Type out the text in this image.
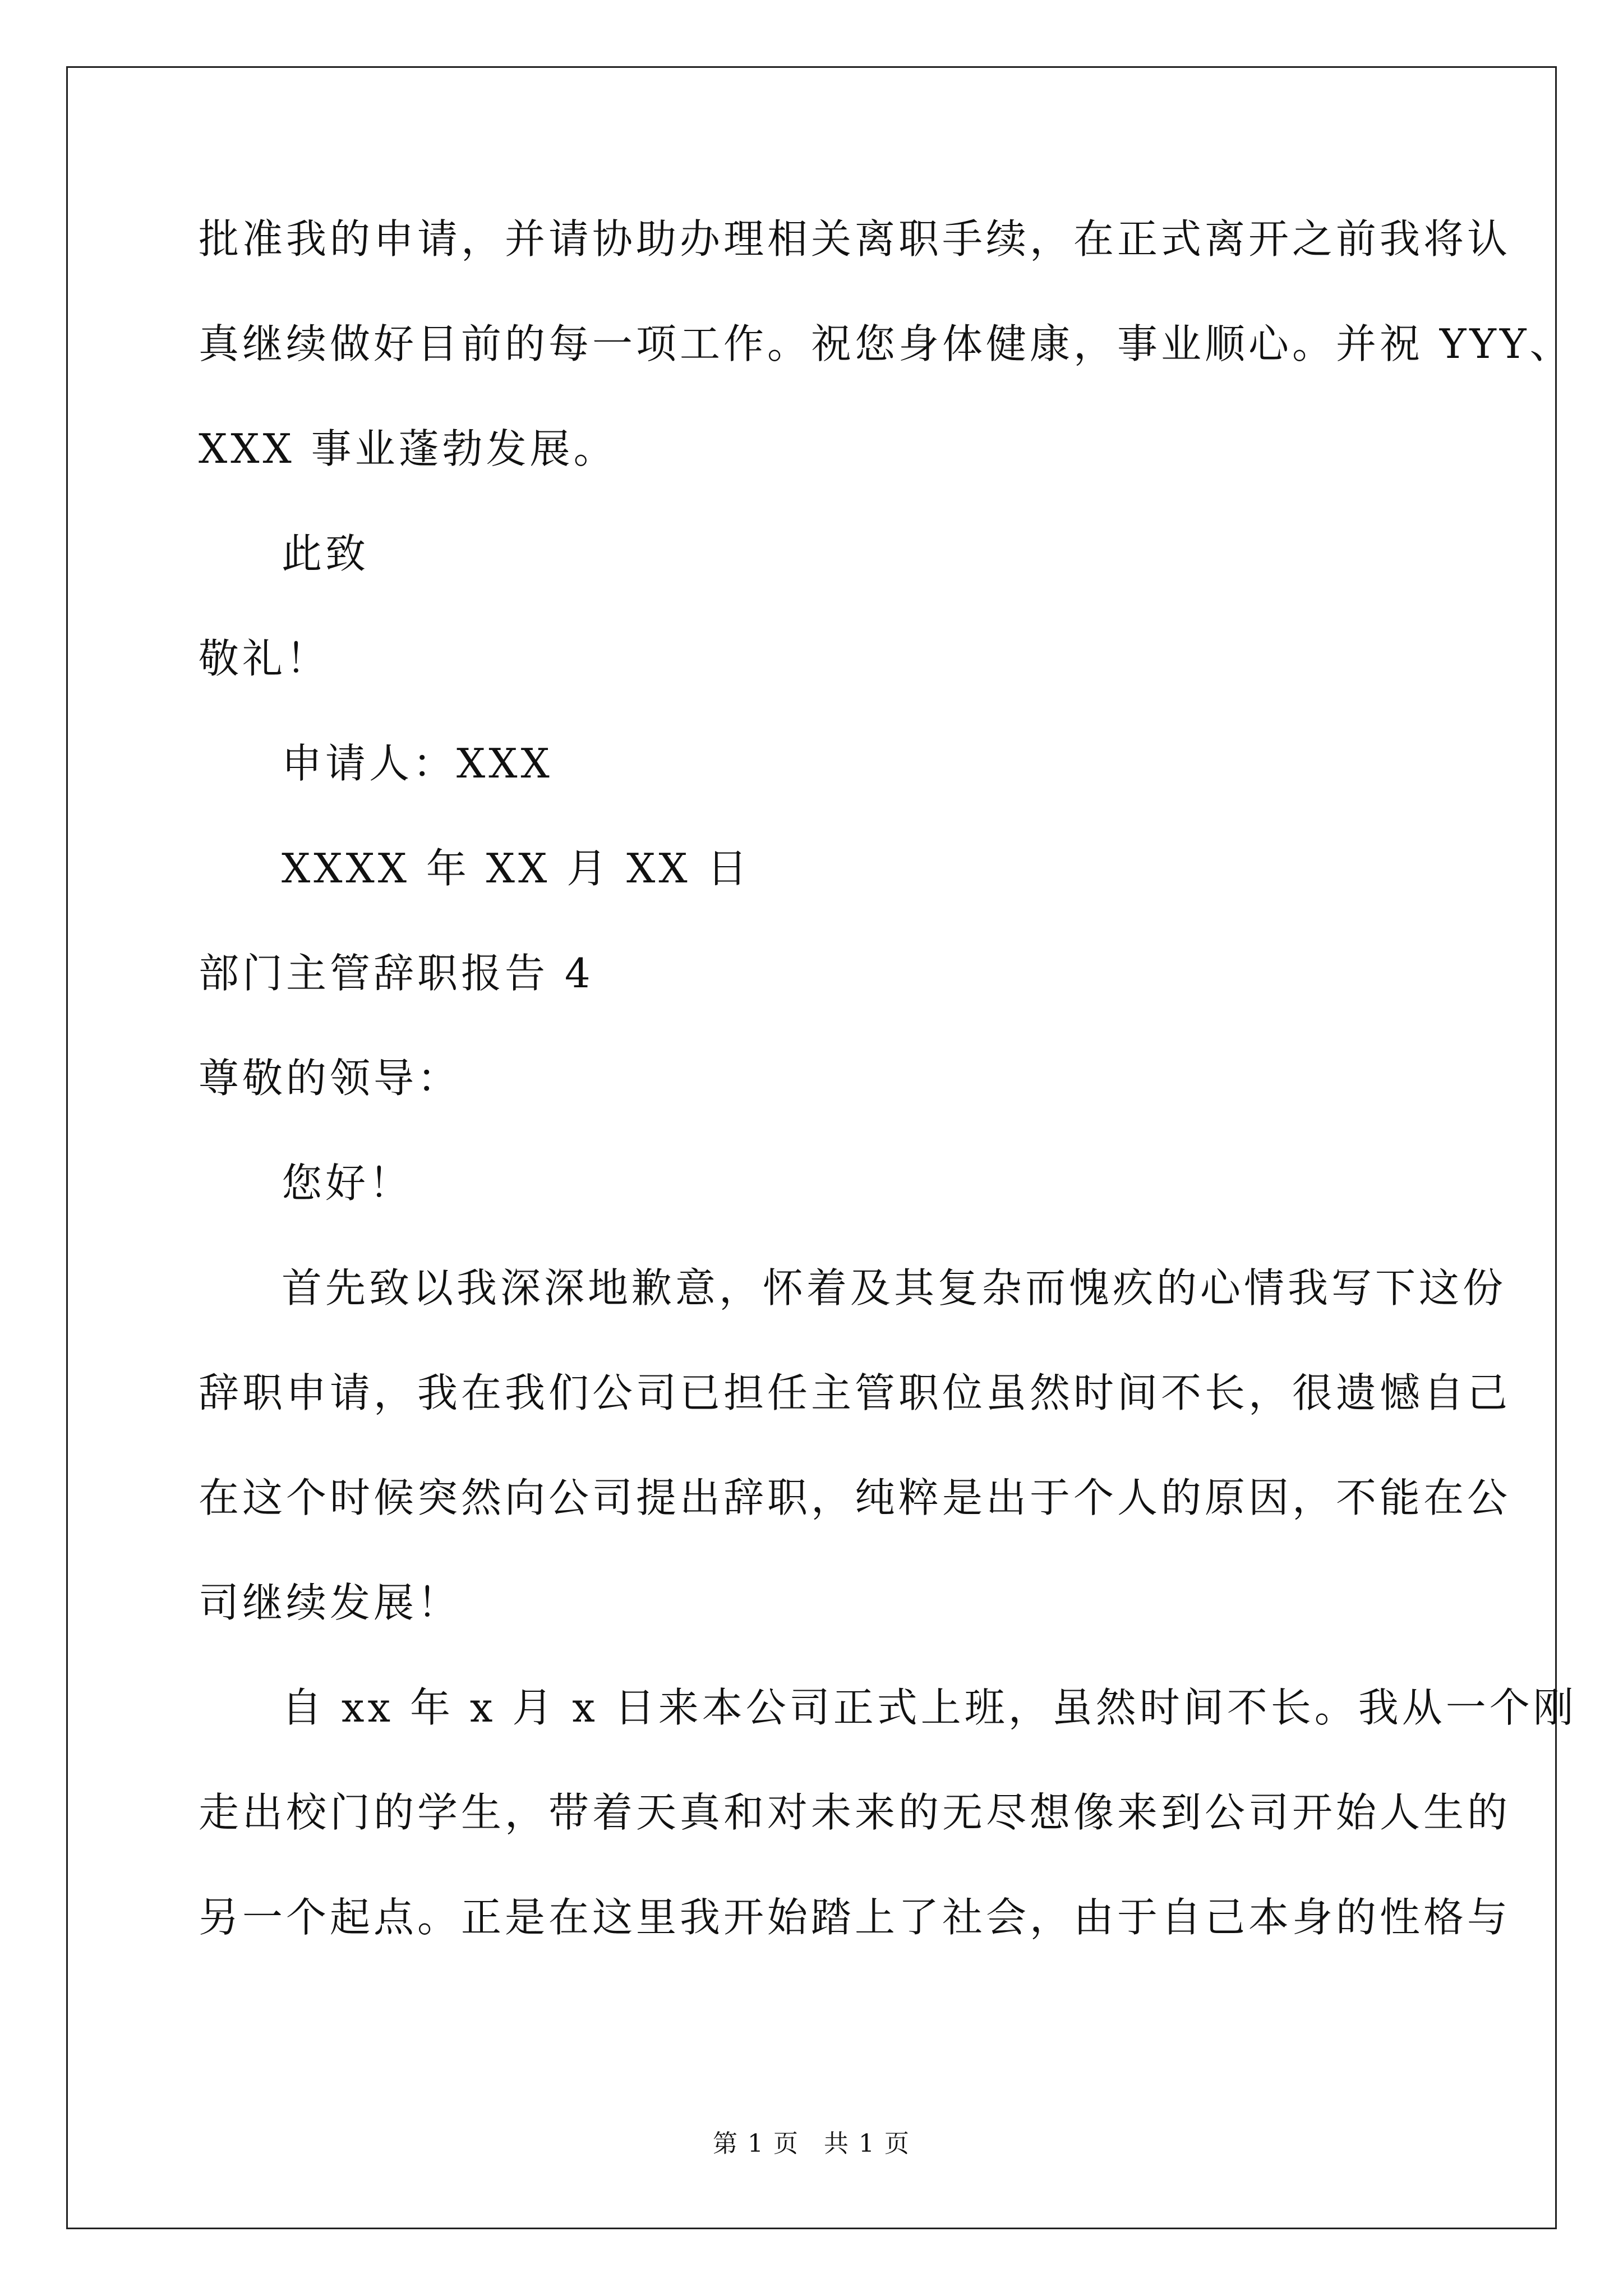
批准我的申请，并请协助办理相关离职手续，在正式离开之前我将认

真继续做好目前的每一项工作。祝您身体健康，事业顺心。并祝 YYY、

XXX 事业蓬勃发展。

此致

敬礼！

申请人：XXX

XXXX 年 XX 月 XX 日

部门主管辞职报告 4

尊敬的领导：

您好！

首先致以我深深地歉意，怀着及其复杂而愧疚的心情我写下这份

辞职申请，我在我们公司已担任主管职位虽然时间不长，很遗憾自己

在这个时候突然向公司提出辞职，纯粹是出于个人的原因，不能在公

司继续发展！

自 xx 年 x 月 x 日来本公司正式上班，虽然时间不长。我从一个刚

走出校门的学生，带着天真和对未来的无尽想像来到公司开始人生的

另一个起点。正是在这里我开始踏上了社会，由于自己本身的性格与

第 1 页 共 1 页
